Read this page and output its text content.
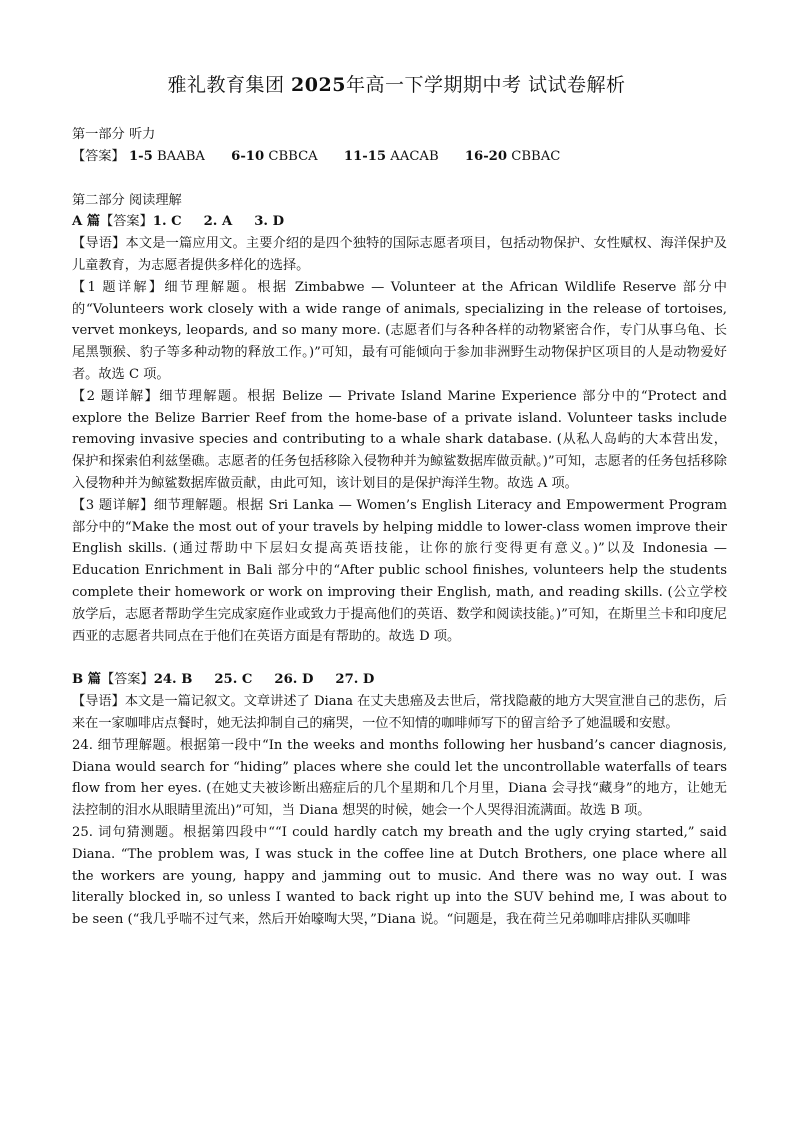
雅礼教育集团 2025年高一下学期期中考 试试卷解析

第一部分 听力

【答案】 1-5 BAABA 6-10 CBBCA 11-15 AACAB 16-20 CBBAC

第二部分 阅读理解

A 篇【答案】1. C 2. A 3. D

【导语】本文是一篇应用文。主要介绍的是四个独特的国际志愿者项目，包括动物保护、女性赋权、海洋保护及儿童教育，为志愿者提供多样化的选择。

【1 题详解】细节理解题。根据 Zimbabwe — Volunteer at the African Wildlife Reserve 部分中的“Volunteers work closely with a wide range of animals, specializing in the release of tortoises, vervet monkeys, leopards, and so many more. (志愿者们与各种各样的动物紧密合作，专门从事乌龟、长尾黑颚猴、豹子等多种动物的释放工作。)”可知，最有可能倾向于参加非洲野生动物保护区项目的人是动物爱好者。故选 C 项。

【2 题详解】细节理解题。根据 Belize — Private Island Marine Experience 部分中的“Protect and explore the Belize Barrier Reef from the home-base of a private island. Volunteer tasks include removing invasive species and contributing to a whale shark database. (从私人岛屿的大本营出发，保护和探索伯利兹堡礁。志愿者的任务包括移除入侵物种并为鲸鲨数据库做贡献。)”可知，志愿者的任务包括移除入侵物种并为鲸鲨数据库做贡献，由此可知，该计划目的是保护海洋生物。故选 A 项。

【3 题详解】细节理解题。根据 Sri Lanka — Women’s English Literacy and Empowerment Program 部分中的“Make the most out of your travels by helping middle to lower-class women improve their English skills. (通过帮助中下层妇女提高英语技能，让你的旅行变得更有意义。)”以及 Indonesia — Education Enrichment in Bali 部分中的“After public school finishes, volunteers help the students complete their homework or work on improving their English, math, and reading skills. (公立学校放学后，志愿者帮助学生完成家庭作业或致力于提高他们的英语、数学和阅读技能。)”可知，在斯里兰卡和印度尼西亚的志愿者共同点在于他们在英语方面是有帮助的。故选 D 项。

B 篇【答案】24. B 25. C 26. D 27. D

【导语】本文是一篇记叙文。文章讲述了 Diana 在丈夫患癌及去世后，常找隐蔽的地方大哭宣泄自己的悲伤，后来在一家咖啡店点餐时，她无法抑制自己的痛哭，一位不知情的咖啡师写下的留言给予了她温暖和安慰。

24. 细节理解题。根据第一段中“In the weeks and months following her husband’s cancer diagnosis, Diana would search for “hiding” places where she could let the uncontrollable waterfalls of tears flow from her eyes. (在她丈夫被诊断出癌症后的几个星期和几个月里，Diana 会寻找“藏身”的地方，让她无法控制的泪水从眼睛里流出)”可知，当 Diana 想哭的时候，她会一个人哭得泪流满面。故选 B 项。

25. 词句猜测题。根据第四段中““I could hardly catch my breath and the ugly crying started,” said Diana. “The problem was, I was stuck in the coffee line at Dutch Brothers, one place where all the workers are young, happy and jamming out to music. And there was no way out. I was literally blocked in, so unless I wanted to back right up into the SUV behind me, I was about to be seen (“我几乎喘不过气来，然后开始嚎啕大哭，”Diana 说。“问题是，我在荷兰兄弟咖啡店排队买咖啡
